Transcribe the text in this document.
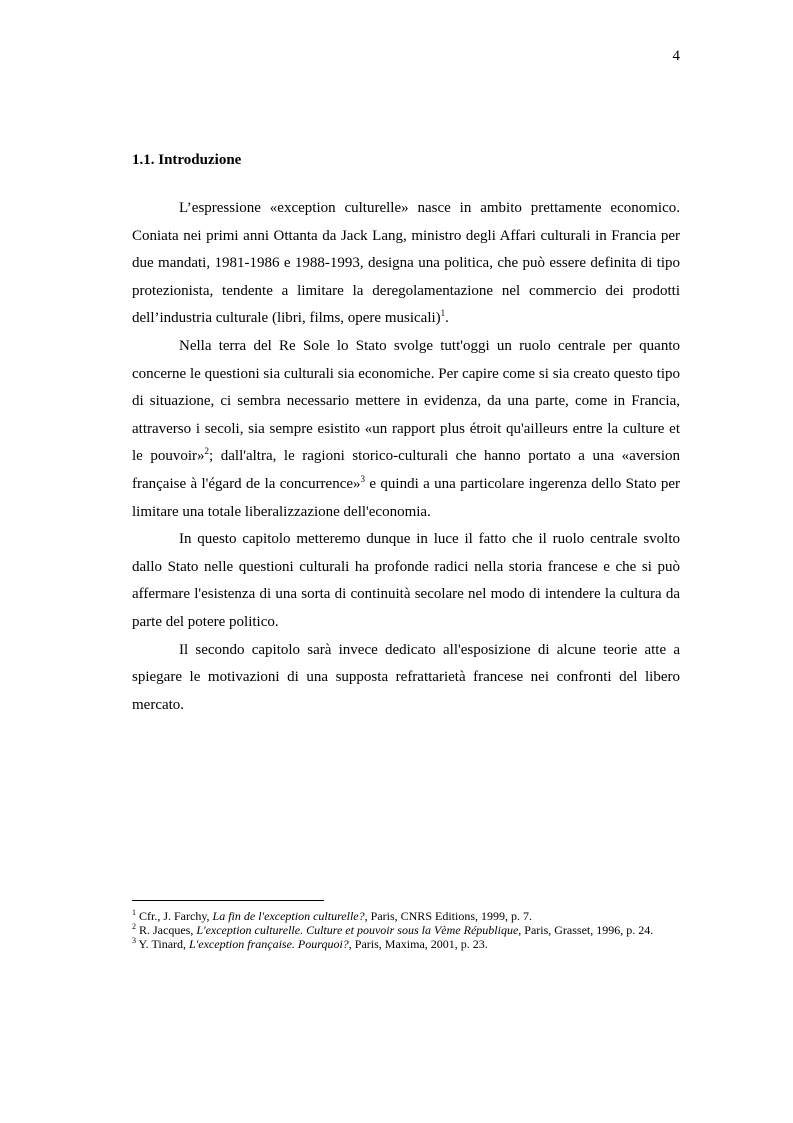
4
1.1. Introduzione

L’espressione «exception culturelle» nasce in ambito prettamente economico. Coniata nei primi anni Ottanta da Jack Lang, ministro degli Affari culturali in Francia per due mandati, 1981-1986 e 1988-1993, designa una politica, che può essere definita di tipo protezionista, tendente a limitare la deregolamentazione nel commercio dei prodotti dell’industria culturale (libri, films, opere musicali)$^1$.

Nella terra del Re Sole lo Stato svolge tutt'oggi un ruolo centrale per quanto concerne le questioni sia culturali sia economiche. Per capire come si sia creato questo tipo di situazione, ci sembra necessario mettere in evidenza, da una parte, come in Francia, attraverso i secoli, sia sempre esistito «un rapport plus étroit qu'ailleurs entre la culture et le pouvoir»$^2$; dall'altra, le ragioni storico-culturali che hanno portato a una «aversion française à l'égard de la concurrence»$^3$ e quindi a una particolare ingerenza dello Stato per limitare una totale liberalizzazione dell'economia.

In questo capitolo metteremo dunque in luce il fatto che il ruolo centrale svolto dallo Stato nelle questioni culturali ha profonde radici nella storia francese e che si può affermare l'esistenza di una sorta di continuità secolare nel modo di intendere la cultura da parte del potere politico.

Il secondo capitolo sarà invece dedicato all'esposizione di alcune teorie atte a spiegare le motivazioni di una supposta refrattarietà francese nei confronti del libero mercato.

$^1$ Cfr., J. Farchy, La fin de l'exception culturelle?, Paris, CNRS Editions, 1999, p. 7.

$^2$ R. Jacques, L'exception culturelle. Culture et pouvoir sous la Vème République, Paris, Grasset, 1996, p. 24.

$^3$ Y. Tinard, L'exception française. Pourquoi?, Paris, Maxima, 2001, p. 23.
